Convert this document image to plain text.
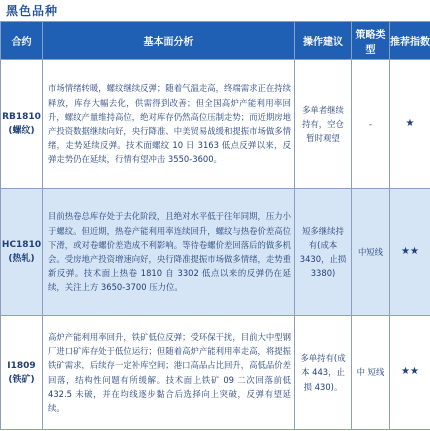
黑色品种
合约	基本面分析	操作建议	策略类型	推荐指数

RB1810
(螺纹)	市场情绪转暖，螺纹继续反弹；随着气温走高，终端需求正在持续释放，库存大幅去化，供需得到改善；但全国高炉产能利用率回升，螺纹产量维持高位，绝对库存仍然高位压制走势；而近期房地产投资数据继续向好，央行降准、中美贸易战缓和提振市场做多情绪，走势延续反弹。技术面螺纹 10 日 3163 低点反弹以来，反弹走势仍在延续，行情有望冲击 3550-3600。	多单者继续持有，空仓暂时观望	-	★

HC1810
(热轧)	目前热卷总库存处于去化阶段，且绝对水平低于往年同期，压力小于螺纹。但近期，热卷产能利用率连续回升，螺纹与热卷价差高位下滑，或对卷螺价差造成不利影响。等待卷螺价差回落后的做多机会。受房地产投资增速向好，央行降准提振市场做多情绪，走势重新反弹。技术面上热卷 1810 自 3302 低点以来的反弹仍在延续，关注上方 3650-3700 压力位。	短多继续持有(成本 3430，止损 3380)	中短线	★★

I1809
(铁矿)	高炉产能利用率回升，铁矿低位反弹；受环保干扰，目前大中型钢厂进口矿库存处于低位运行；但随着高炉产能利用率走高，将提振铁矿需求，后续存一定补库空间；港口高品占比回升，高低品价差回落，结构性问题有所缓解。技术面上铁矿 09 二次回落前低 432.5 未破，并在均线逐步黏合后选择向上突破，反弹有望延续。	多单持有(成本 443，止损 430)。	中 短线	★★
